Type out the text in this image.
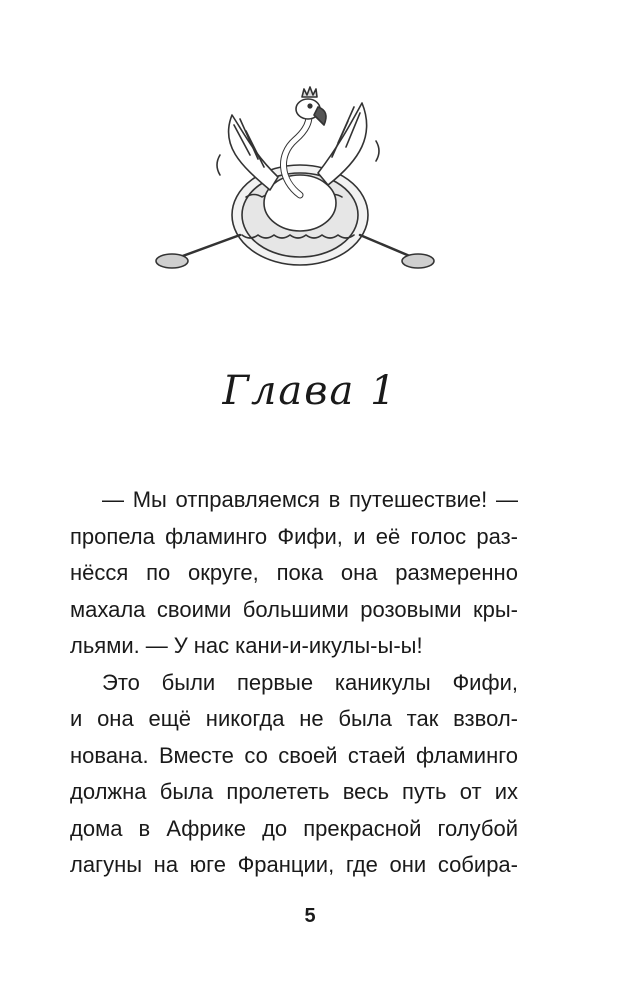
Глава 1
— Мы отправляемся в путешествие! —
пропела фламинго Фифи, и её голос раз-
нёсся по округе, пока она размеренно
махала своими большими розовыми кры-
льями. — У нас кани-и-икулы-ы-ы!
Это были первые каникулы Фифи,
и она ещё никогда не была так взвол-
нована. Вместе со своей стаей фламинго
должна была пролететь весь путь от их
дома в Африке до прекрасной голубой
лагуны на юге Франции, где они собира-
5
